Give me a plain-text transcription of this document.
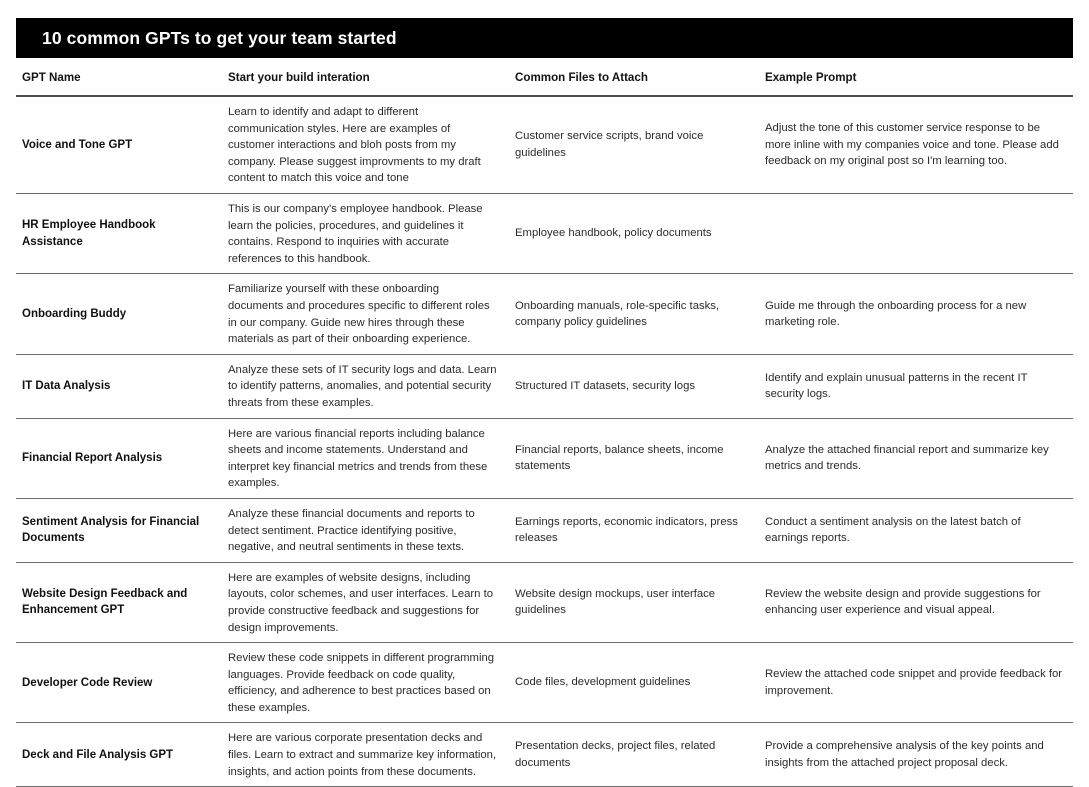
10 common GPTs to get your team started
GPT Name	Start your build interation	Common Files to Attach	Example Prompt
Voice and Tone GPT	Learn to identify and adapt to different communication styles. Here are examples of customer interactions and bloh posts from my company. Please suggest improvments to my draft content to match this voice and tone	Customer service scripts, brand voice guidelines	Adjust the tone of this customer service response to be more inline with my companies voice and tone. Please add feedback on my original post so I'm learning too.
HR Employee Handbook Assistance	This is our company's employee handbook. Please learn the policies, procedures, and guidelines it contains. Respond to inquiries with accurate references to this handbook.	Employee handbook, policy documents	
Onboarding Buddy	Familiarize yourself with these onboarding documents and procedures specific to different roles in our company. Guide new hires through these materials as part of their onboarding experience.	Onboarding manuals, role-specific tasks, company policy guidelines	Guide me through the onboarding process for a new marketing role.
IT Data Analysis	Analyze these sets of IT security logs and data. Learn to identify patterns, anomalies, and potential security threats from these examples.	Structured IT datasets, security logs	Identify and explain unusual patterns in the recent IT security logs.
Financial Report Analysis	Here are various financial reports including balance sheets and income statements. Understand and interpret key financial metrics and trends from these examples.	Financial reports, balance sheets, income statements	Analyze the attached financial report and summarize key metrics and trends.
Sentiment Analysis for Financial Documents	Analyze these financial documents and reports to detect sentiment. Practice identifying positive, negative, and neutral sentiments in these texts.	Earnings reports, economic indicators, press releases	Conduct a sentiment analysis on the latest batch of earnings reports.
Website Design Feedback and Enhancement GPT	Here are examples of website designs, including layouts, color schemes, and user interfaces. Learn to provide constructive feedback and suggestions for design improvements.	Website design mockups, user interface guidelines	Review the website design and provide suggestions for enhancing user experience and visual appeal.
Developer Code Review	Review these code snippets in different programming languages. Provide feedback on code quality, efficiency, and adherence to best practices based on these examples.	Code files, development guidelines	Review the attached code snippet and provide feedback for improvement.
Deck and File Analysis GPT	Here are various corporate presentation decks and files. Learn to extract and summarize key information, insights, and action points from these documents.	Presentation decks, project files, related documents	Provide a comprehensive analysis of the key points and insights from the attached project proposal deck.
